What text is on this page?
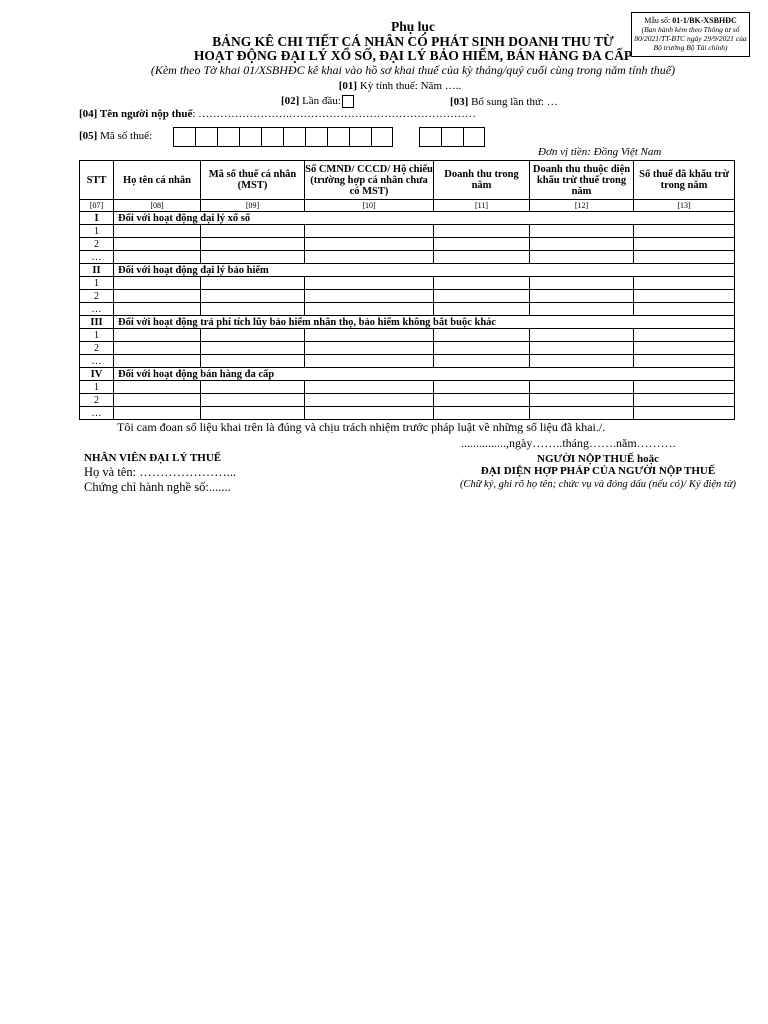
Mẫu số: 01-1/BK-XSBHĐC
(Ban hành kèm theo Thông tư số 80/2021/TT-BTC ngày 29/9/2021 của Bộ trưởng Bộ Tài chính)
Phụ lục
BẢNG KÊ CHI TIẾT CÁ NHÂN CÓ PHÁT SINH DOANH THU TỪ
HOẠT ĐỘNG ĐẠI LÝ XỔ SỐ, ĐẠI LÝ BẢO HIỂM, BÁN HÀNG ĐA CẤP
(Kèm theo Tờ khai 01/XSBHĐC kê khai vào hồ sơ khai thuế của kỳ tháng/quý cuối cùng trong năm tính thuế)
[01] Kỳ tính thuế: Năm …..
[02] Lần đầu:	[03] Bổ sung lần thứ: …
[04] Tên người nộp thuế: …………………….……………………………………………
[05] Mã số thuế:
Đơn vị tiền: Đồng Việt Nam
STT	Họ tên cá nhân	Mã số thuế cá nhân (MST)	Số CMND/ CCCD/ Hộ chiếu (trường hợp cá nhân chưa có MST)	Doanh thu trong năm	Doanh thu thuộc diện khấu trừ thuế trong năm	Số thuế đã khấu trừ trong năm
[07]	[08]	[09]	[10]	[11]	[12]	[13]
I	Đối với hoạt động đại lý xổ số					
1						
2						
…						
II	Đối với hoạt động đại lý bảo hiểm					
1						
2						
…						
III	Đối với hoạt động trả phí tích lũy bảo hiểm nhân thọ, bảo hiểm không bắt buộc khác					
1						
2						
…						
IV	Đối với hoạt động bán hàng đa cấp					
1						
2						
…						
Tôi cam đoan số liệu khai trên là đúng và chịu trách nhiệm trước pháp luật về những số liệu đã khai./.
...............,ngày……..tháng…….năm……….
NHÂN VIÊN ĐẠI LÝ THUẾ
Họ và tên: …………………...
Chứng chỉ hành nghề số:.......
NGƯỜI NỘP THUẾ hoặc
ĐẠI DIỆN HỢP PHÁP CỦA NGƯỜI NỘP THUẾ
(Chữ ký, ghi rõ họ tên; chức vụ và đóng dấu (nếu có)/ Ký điện tử)
